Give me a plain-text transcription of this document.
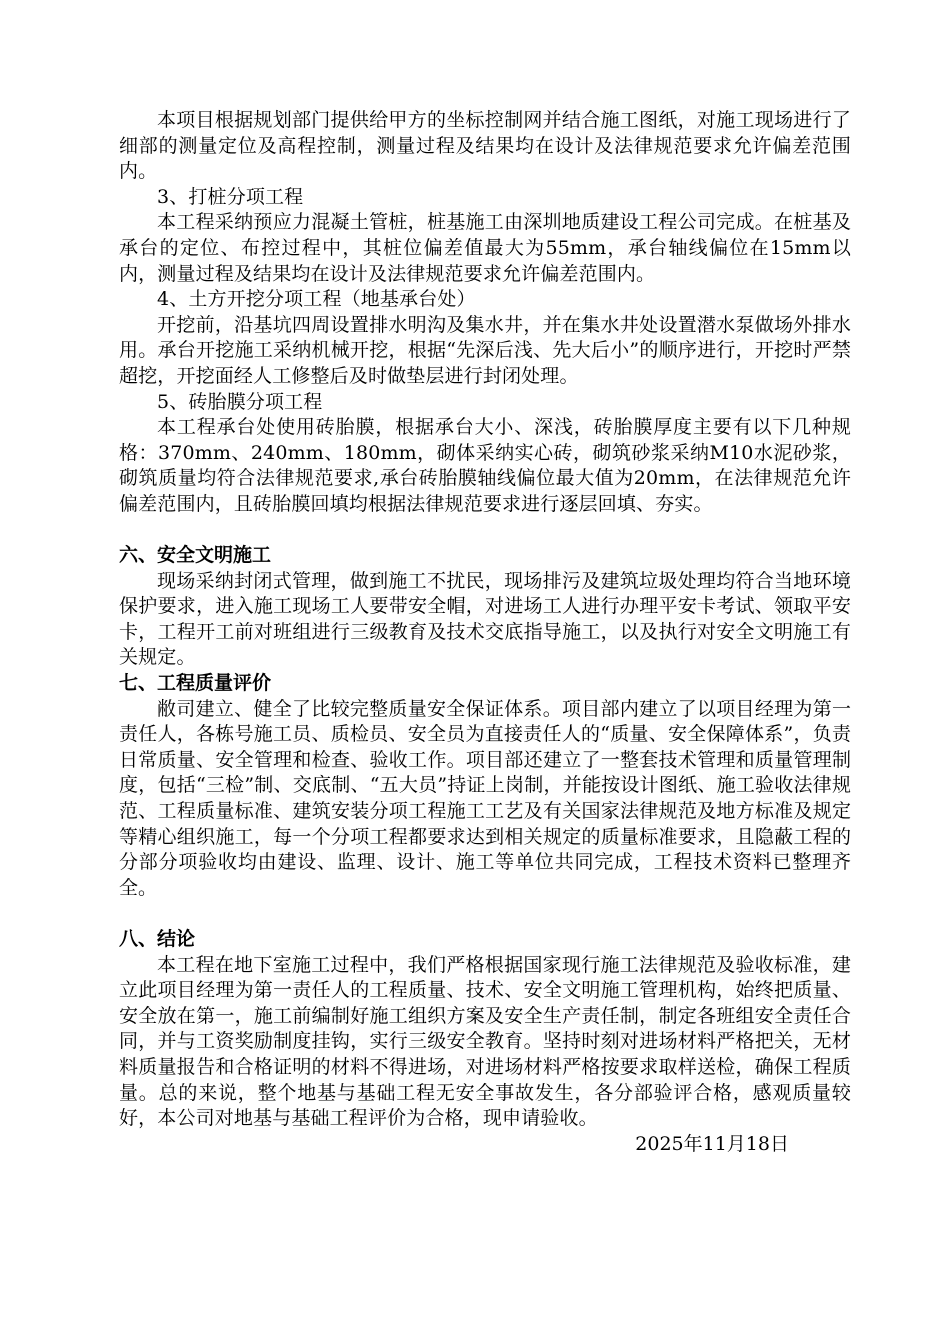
本项目根据规划部门提供给甲方的坐标控制网并结合施工图纸，对施工现场进行了细部的测量定位及高程控制，测量过程及结果均在设计及法律规范要求允许偏差范围内。

3、打桩分项工程

本工程采纳预应力混凝土管桩，桩基施工由深圳地质建设工程公司完成。在桩基及承台的定位、布控过程中，其桩位偏差值最大为55mm，承台轴线偏位在15mm以内，测量过程及结果均在设计及法律规范要求允许偏差范围内。

4、土方开挖分项工程（地基承台处）

开挖前，沿基坑四周设置排水明沟及集水井，并在集水井处设置潜水泵做场外排水用。承台开挖施工采纳机械开挖，根据“先深后浅、先大后小”的顺序进行，开挖时严禁超挖，开挖面经人工修整后及时做垫层进行封闭处理。

5、砖胎膜分项工程

本工程承台处使用砖胎膜，根据承台大小、深浅，砖胎膜厚度主要有以下几种规格：370mm、240mm、180mm，砌体采纳实心砖，砌筑砂浆采纳M10水泥砂浆，砌筑质量均符合法律规范要求,承台砖胎膜轴线偏位最大值为20mm，在法律规范允许偏差范围内，且砖胎膜回填均根据法律规范要求进行逐层回填、夯实。

六、安全文明施工

现场采纳封闭式管理，做到施工不扰民，现场排污及建筑垃圾处理均符合当地环境保护要求，进入施工现场工人要带安全帽，对进场工人进行办理平安卡考试、领取平安卡，工程开工前对班组进行三级教育及技术交底指导施工，以及执行对安全文明施工有关规定。

七、工程质量评价

敝司建立、健全了比较完整质量安全保证体系。项目部内建立了以项目经理为第一责任人，各栋号施工员、质检员、安全员为直接责任人的“质量、安全保障体系”，负责日常质量、安全管理和检查、验收工作。项目部还建立了一整套技术管理和质量管理制度，包括“三检”制、交底制、“五大员”持证上岗制，并能按设计图纸、施工验收法律规范、工程质量标准、建筑安装分项工程施工工艺及有关国家法律规范及地方标准及规定等精心组织施工，每一个分项工程都要求达到相关规定的质量标准要求，且隐蔽工程的分部分项验收均由建设、监理、设计、施工等单位共同完成，工程技术资料已整理齐全。

八、结论

本工程在地下室施工过程中，我们严格根据国家现行施工法律规范及验收标准，建立此项目经理为第一责任人的工程质量、技术、安全文明施工管理机构，始终把质量、安全放在第一，施工前编制好施工组织方案及安全生产责任制，制定各班组安全责任合同，并与工资奖励制度挂钩，实行三级安全教育。坚持时刻对进场材料严格把关，无材料质量报告和合格证明的材料不得进场，对进场材料严格按要求取样送检，确保工程质量。总的来说，整个地基与基础工程无安全事故发生，各分部验评合格，感观质量较好，本公司对地基与基础工程评价为合格，现申请验收。

2025年11月18日
